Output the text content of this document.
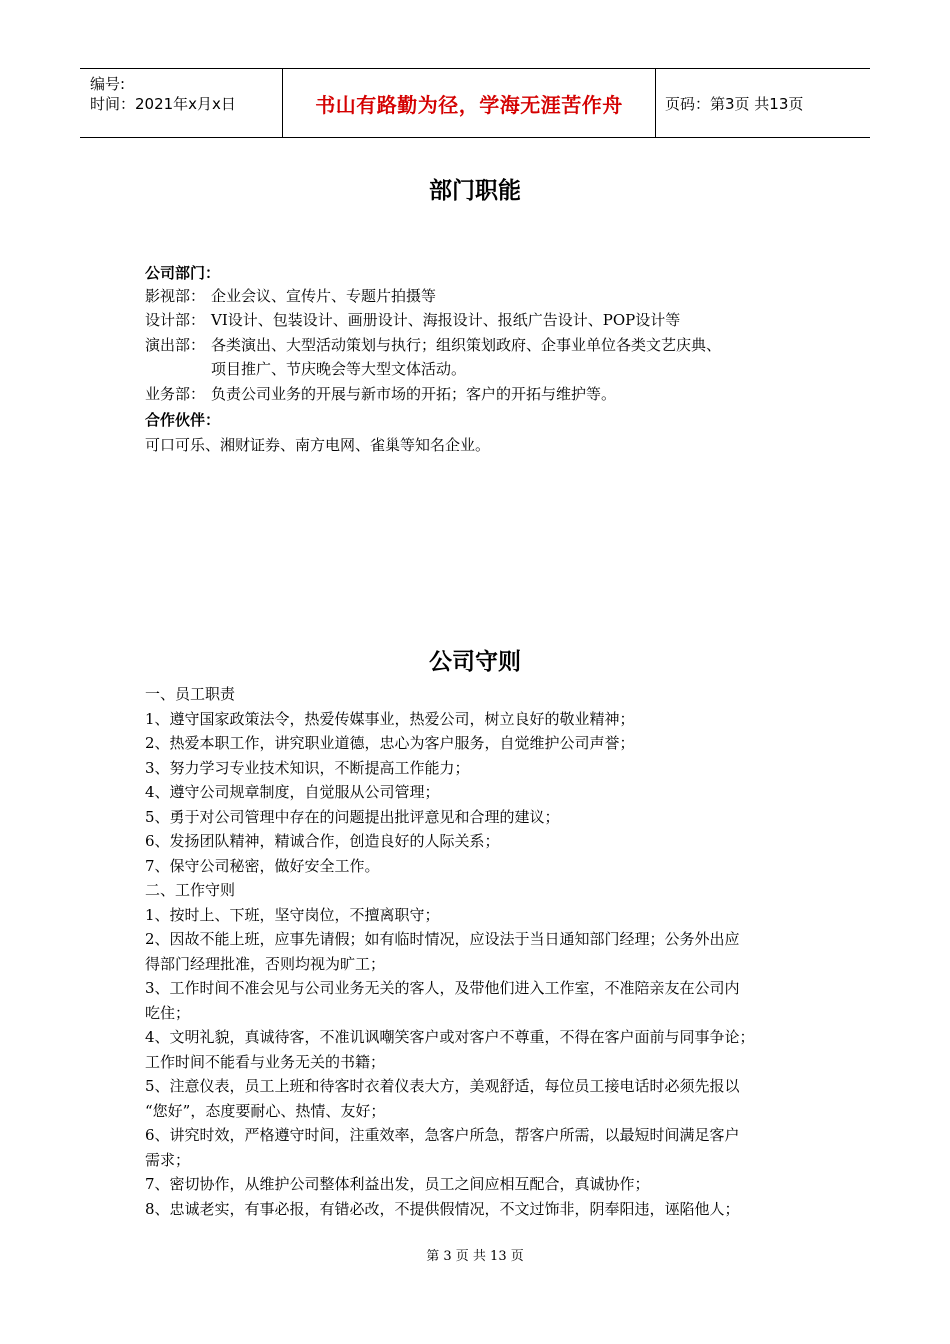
编号:
时间：2021年x月x日	书山有路勤为径，学海无涯苦作舟	页码：第3页 共13页
部门职能
公司部门：
影视部： 企业会议、宣传片、专题片拍摄等
设计部： VI设计、包装设计、画册设计、海报设计、报纸广告设计、POP设计等
演出部： 各类演出、大型活动策划与执行；组织策划政府、企事业单位各类文艺庆典、
项目推广、节庆晚会等大型文体活动。
业务部： 负责公司业务的开展与新市场的开拓；客户的开拓与维护等。
合作伙伴：
可口可乐、湘财证券、南方电网、雀巢等知名企业。
公司守则

一、员工职责

1、遵守国家政策法令，热爱传媒事业，热爱公司，树立良好的敬业精神；

2、热爱本职工作，讲究职业道德，忠心为客户服务，自觉维护公司声誉；

3、努力学习专业技术知识，不断提高工作能力；

4、遵守公司规章制度，自觉服从公司管理；

5、勇于对公司管理中存在的问题提出批评意见和合理的建议；

6、发扬团队精神，精诚合作，创造良好的人际关系；

7、保守公司秘密，做好安全工作。

二、工作守则

1、按时上、下班，坚守岗位，不擅离职守；

2、因故不能上班，应事先请假；如有临时情况，应设法于当日通知部门经理；公务外出应

得部门经理批准，否则均视为旷工；

3、工作时间不准会见与公司业务无关的客人，及带他们进入工作室，不准陪亲友在公司内

吃住；

4、文明礼貌，真诚待客，不准讥讽嘲笑客户或对客户不尊重，不得在客户面前与同事争论；

工作时间不能看与业务无关的书籍；

5、注意仪表，员工上班和待客时衣着仪表大方，美观舒适，每位员工接电话时必须先报以

“您好”，态度要耐心、热情、友好；

6、讲究时效，严格遵守时间，注重效率，急客户所急，帮客户所需，以最短时间满足客户

需求；

7、密切协作，从维护公司整体利益出发，员工之间应相互配合，真诚协作；

8、忠诚老实，有事必报，有错必改，不提供假情况，不文过饰非，阴奉阳违，诬陷他人；

第 3 页 共 13 页
